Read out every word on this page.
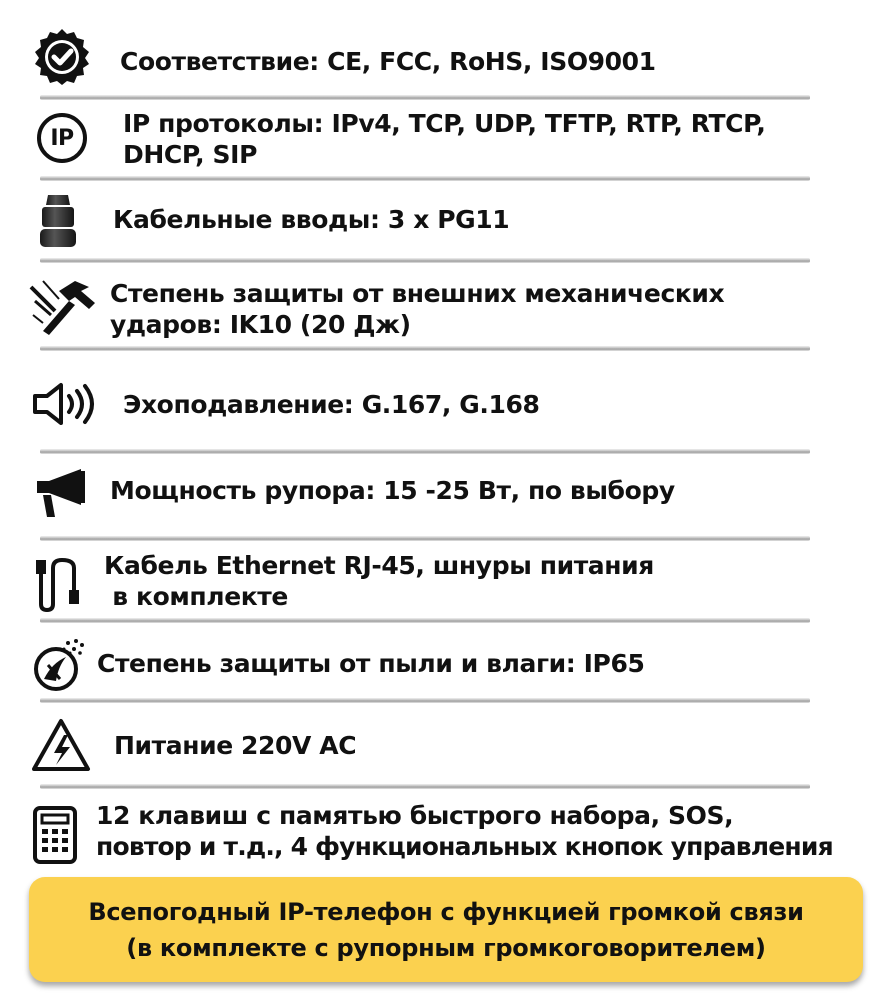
Соответствие: CE, FCC, RoHS, ISO9001
IP IP протоколы: IPv4, TCP, UDP, TFTP, RTP, RTCP,
DHCP, SIP
Кабельные вводы: 3 x PG11
Степень защиты от внешних механических
ударов: IK10 (20 Дж)
Эхоподавление: G.167, G.168
Мощность рупора: 15 -25 Вт, по выбору
Кабель Ethernet RJ-45, шнуры питания
в комплекте
Степень защиты от пыли и влаги: IP65
Питание 220V AC
12 клавиш с памятью быстрого набора, SOS,
повтор и т.д., 4 функциональных кнопок управления
Всепогодный IP-телефон с функцией громкой связи
(в комплекте с рупорным громкоговорителем)
